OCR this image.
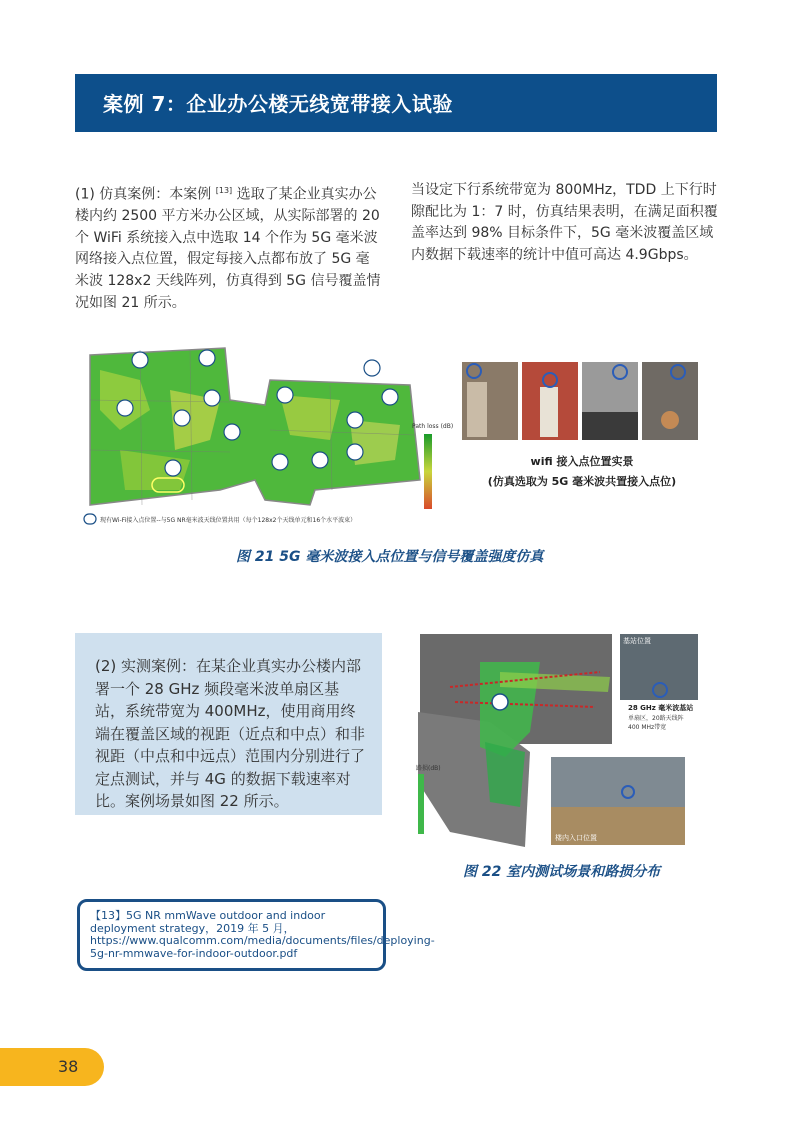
案例 7：企业办公楼无线宽带接入试验
(1) 仿真案例：本案例 [13] 选取了某企业真实办公楼内约 2500 平方米办公区域，从实际部署的 20 个 WiFi 系统接入点中选取 14 个作为 5G 毫米波网络接入点位置，假定每接入点都布放了 5G 毫米波 128x2 天线阵列，仿真得到 5G 信号覆盖情况如图 21 所示。
当设定下行系统带宽为 800MHz，TDD 上下行时隙配比为 1：7 时，仿真结果表明，在满足面积覆盖率达到 98% 目标条件下，5G 毫米波覆盖区域内数据下载速率的统计中值可高达 4.9Gbps。
现有Wi-Fi接入点位置--与5G NR毫米波天线位置共用（每个128x2个天线单元和16个水平波束）
Path loss (dB)
wifi 接入点位置实景
(仿真选取为 5G 毫米波共置接入点位)
图 21 5G 毫米波接入点位置与信号覆盖强度仿真
(2) 实测案例：在某企业真实办公楼内部署一个 28 GHz 频段毫米波单扇区基站，系统带宽为 400MHz，使用商用终端在覆盖区域的视距（近点和中点）和非视距（中点和中远点）范围内分别进行了定点测试，并与 4G 的数据下载速率对比。案例场景如图 22 所示。
路损(dB)
基站位置
28 GHz 毫米波基站
单扇区，20路天线阵
400 MHz带宽
楼内入口位置
图 22 室内测试场景和路损分布
【13】5G NR mmWave outdoor and indoor deployment strategy，2019 年 5 月，https://www.qualcomm.com/media/documents/files/deploying-5g-nr-mmwave-for-indoor-outdoor.pdf
38
